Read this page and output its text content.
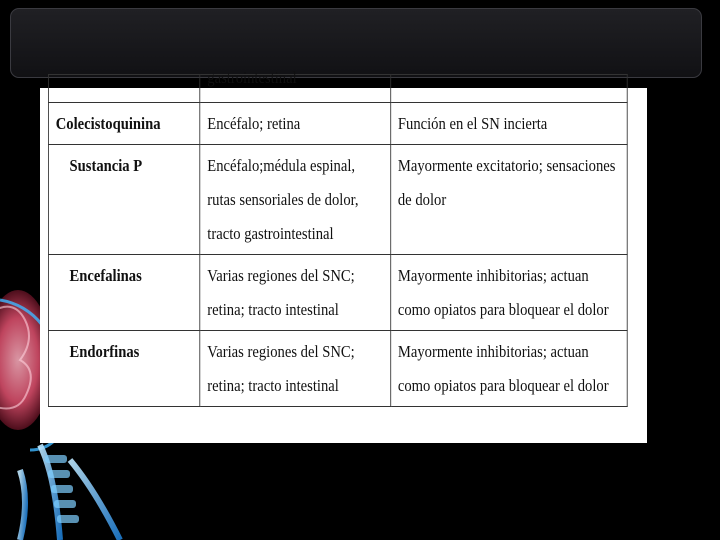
	gastrointestinal	

Colecistoquinina	Encéfalo; retina	Función en el SN incierta
Sustancia P	Encéfalo;médula espinal, rutas sensoriales de dolor, tracto gastrointestinal	Mayormente excitatorio; sensaciones de dolor
Encefalinas	Varias regiones del SNC; retina; tracto intestinal	Mayormente inhibitorias; actuan como opiatos para bloquear el dolor
Endorfinas	Varias regiones del SNC; retina; tracto intestinal	Mayormente inhibitorias; actuan como opiatos para bloquear el dolor
